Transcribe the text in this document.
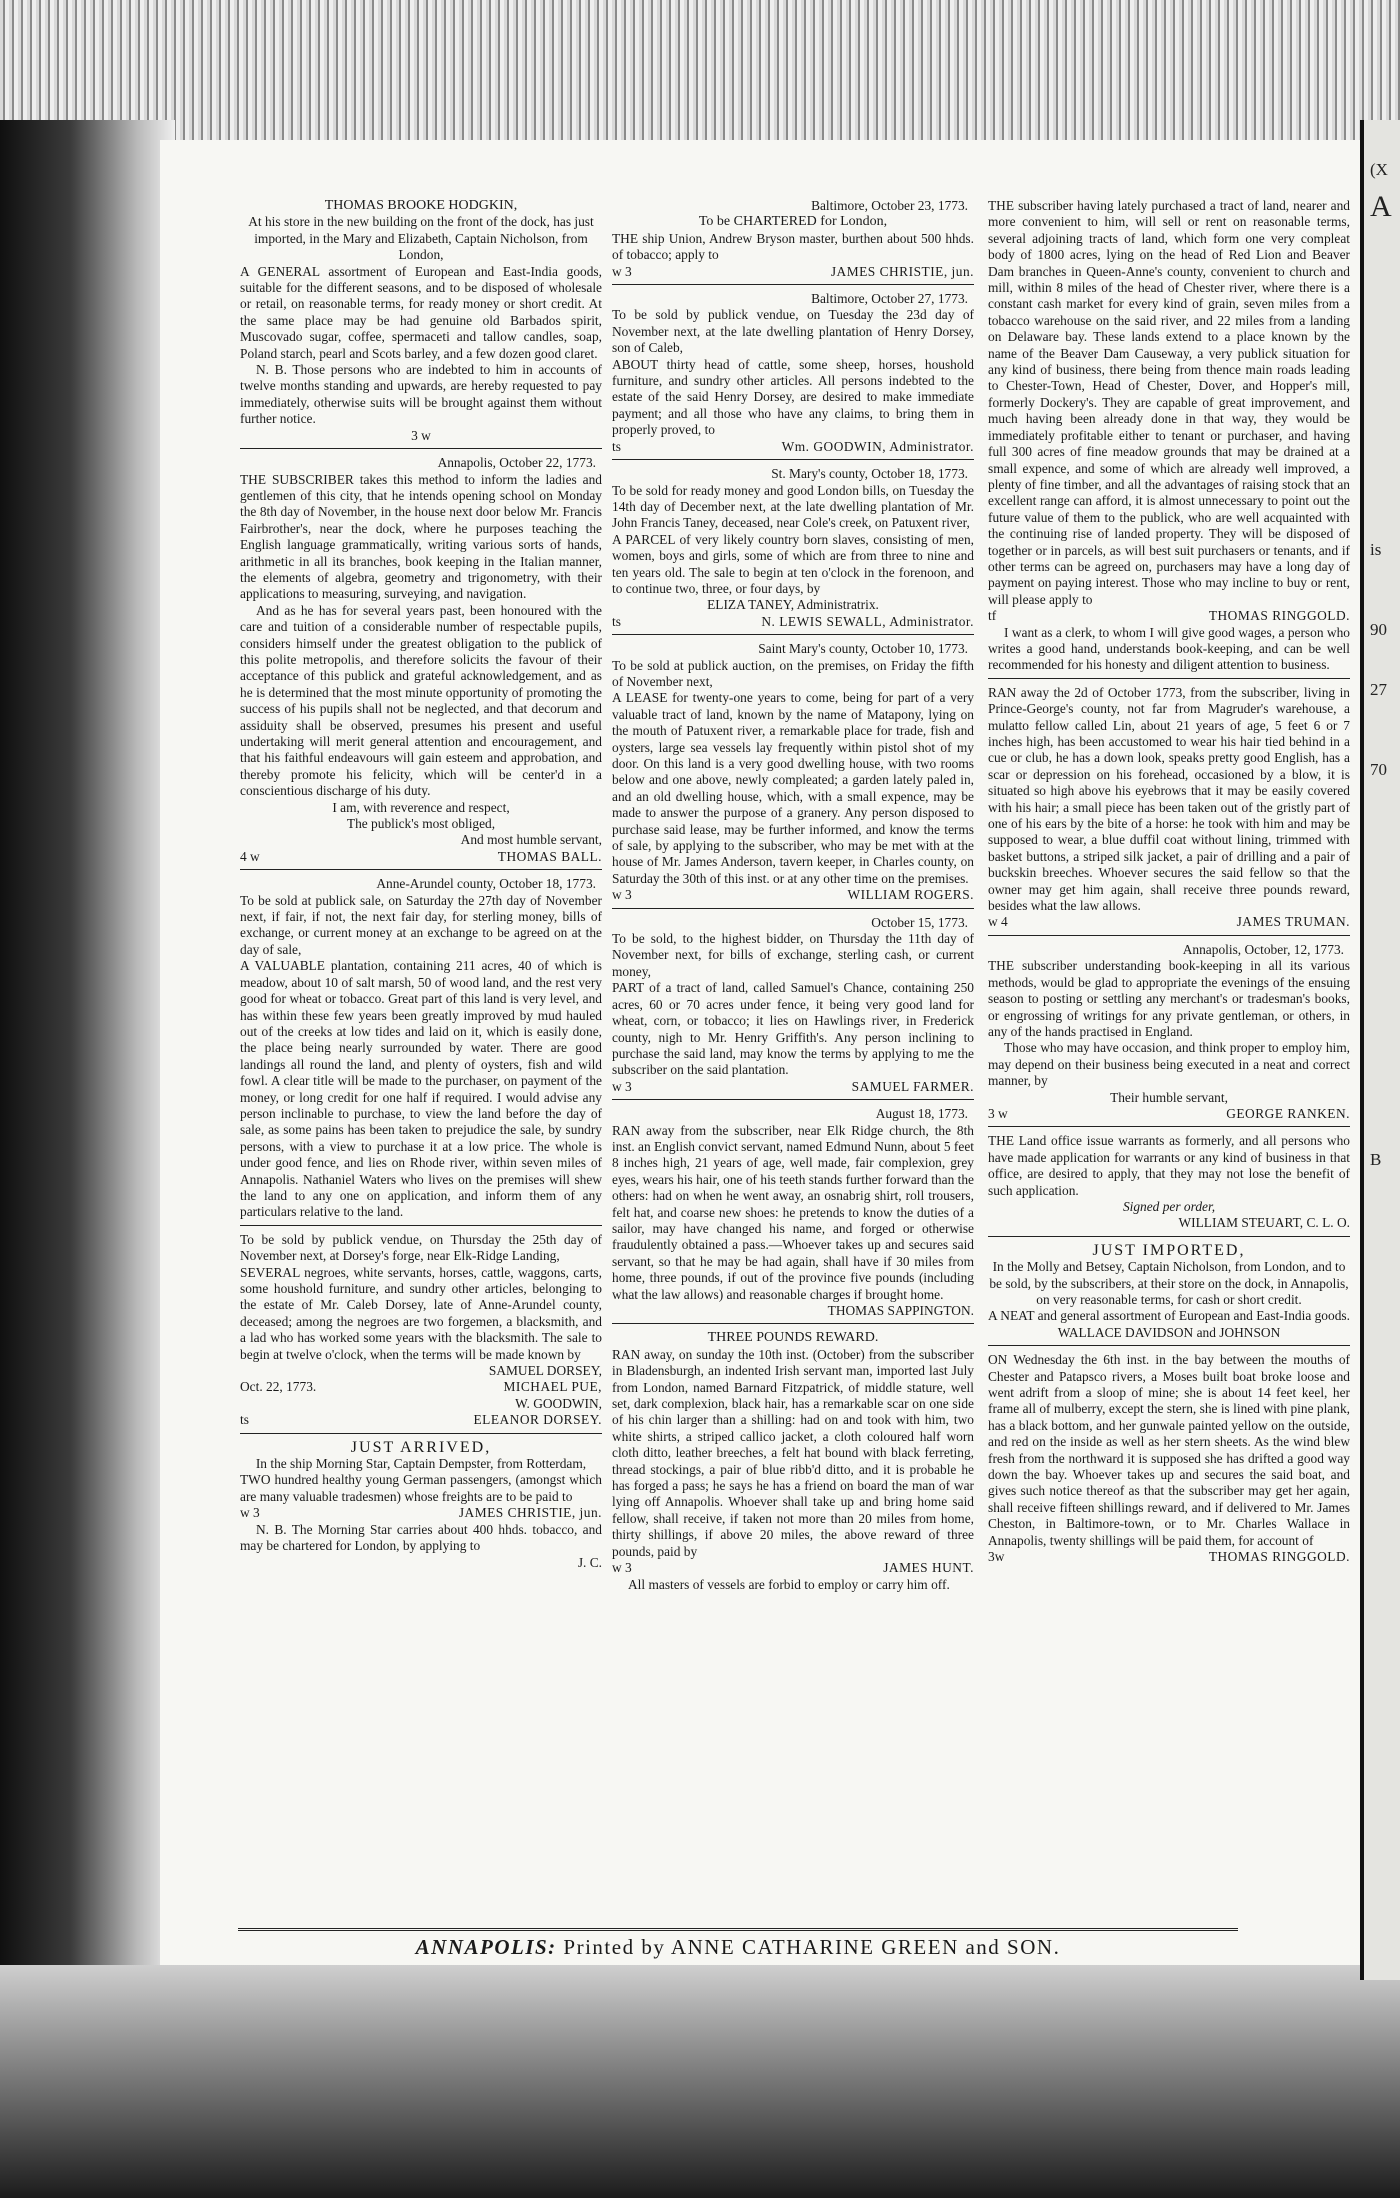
(X
A
is
90
27
70
B

THOMAS BROOKE HODGKIN,

At his store in the new building on the front of the dock, has just imported, in the Mary and Elizabeth, Captain Nicholson, from London,

A GENERAL assortment of European and East-India goods, suitable for the different seasons, and to be disposed of wholesale or retail, on reasonable terms, for ready money or short credit. At the same place may be had genuine old Barbados spirit, Muscovado sugar, coffee, spermaceti and tallow candles, soap, Poland starch, pearl and Scots barley, and a few dozen good claret.

N. B. Those persons who are indebted to him in accounts of twelve months standing and upwards, are hereby requested to pay immediately, otherwise suits will be brought against them without further notice.

3 w

Annapolis, October 22, 1773.

THE SUBSCRIBER takes this method to inform the ladies and gentlemen of this city, that he intends opening school on Monday the 8th day of November, in the house next door below Mr. Francis Fairbrother's, near the dock, where he purposes teaching the English language grammatically, writing various sorts of hands, arithmetic in all its branches, book keeping in the Italian manner, the elements of algebra, geometry and trigonometry, with their applications to measuring, surveying, and navigation.

And as he has for several years past, been honoured with the care and tuition of a considerable number of respectable pupils, considers himself under the greatest obligation to the publick of this polite metropolis, and therefore solicits the favour of their acceptance of this publick and grateful acknowledgement, and as he is determined that the most minute opportunity of promoting the success of his pupils shall not be neglected, and that decorum and assiduity shall be observed, presumes his present and useful undertaking will merit general attention and encouragement, and that his faithful endeavours will gain esteem and approbation, and thereby promote his felicity, which will be center'd in a conscientious discharge of his duty.

I am, with reverence and respect,

The publick's most obliged,

And most humble servant,

4 w	THOMAS BALL.

Anne-Arundel county, October 18, 1773.

To be sold at publick sale, on Saturday the 27th day of November next, if fair, if not, the next fair day, for sterling money, bills of exchange, or current money at an exchange to be agreed on at the day of sale,

A VALUABLE plantation, containing 211 acres, 40 of which is meadow, about 10 of salt marsh, 50 of wood land, and the rest very good for wheat or tobacco. Great part of this land is very level, and has within these few years been greatly improved by mud hauled out of the creeks at low tides and laid on it, which is easily done, the place being nearly surrounded by water. There are good landings all round the land, and plenty of oysters, fish and wild fowl. A clear title will be made to the purchaser, on payment of the money, or long credit for one half if required. I would advise any person inclinable to purchase, to view the land before the day of sale, as some pains has been taken to prejudice the sale, by sundry persons, with a view to purchase it at a low price. The whole is under good fence, and lies on Rhode river, within seven miles of Annapolis. Nathaniel Waters who lives on the premises will shew the land to any one on application, and inform them of any particulars relative to the land.

To be sold by publick vendue, on Thursday the 25th day of November next, at Dorsey's forge, near Elk-Ridge Landing,

SEVERAL negroes, white servants, horses, cattle, waggons, carts, some houshold furniture, and sundry other articles, belonging to the estate of Mr. Caleb Dorsey, late of Anne-Arundel county, deceased; among the negroes are two forgemen, a blacksmith, and a lad who has worked some years with the blacksmith. The sale to begin at twelve o'clock, when the terms will be made known by

SAMUEL DORSEY,

Oct. 22, 1773.	MICHAEL PUE,

W. GOODWIN,

ts	ELEANOR DORSEY.

JUST ARRIVED,

In the ship Morning Star, Captain Dempster, from Rotterdam,

TWO hundred healthy young German passengers, (amongst which are many valuable tradesmen) whose freights are to be paid to

w 3	JAMES CHRISTIE, jun.

N. B. The Morning Star carries about 400 hhds. tobacco, and may be chartered for London, by applying to

J. C.

Baltimore, October 23, 1773.

To be CHARTERED for London,

THE ship Union, Andrew Bryson master, burthen about 500 hhds. of tobacco; apply to

w 3	JAMES CHRISTIE, jun.

Baltimore, October 27, 1773.

To be sold by publick vendue, on Tuesday the 23d day of November next, at the late dwelling plantation of Henry Dorsey, son of Caleb,

ABOUT thirty head of cattle, some sheep, horses, houshold furniture, and sundry other articles. All persons indebted to the estate of the said Henry Dorsey, are desired to make immediate payment; and all those who have any claims, to bring them in properly proved, to

ts	Wm. GOODWIN, Administrator.

St. Mary's county, October 18, 1773.

To be sold for ready money and good London bills, on Tuesday the 14th day of December next, at the late dwelling plantation of Mr. John Francis Taney, deceased, near Cole's creek, on Patuxent river,

A PARCEL of very likely country born slaves, consisting of men, women, boys and girls, some of which are from three to nine and ten years old. The sale to begin at ten o'clock in the forenoon, and to continue two, three, or four days, by

ELIZA TANEY, Administratrix.

ts	N. LEWIS SEWALL, Administrator.

Saint Mary's county, October 10, 1773.

To be sold at publick auction, on the premises, on Friday the fifth of November next,

A LEASE for twenty-one years to come, being for part of a very valuable tract of land, known by the name of Matapony, lying on the mouth of Patuxent river, a remarkable place for trade, fish and oysters, large sea vessels lay frequently within pistol shot of my door. On this land is a very good dwelling house, with two rooms below and one above, newly compleated; a garden lately paled in, and an old dwelling house, which, with a small expence, may be made to answer the purpose of a granery. Any person disposed to purchase said lease, may be further informed, and know the terms of sale, by applying to the subscriber, who may be met with at the house of Mr. James Anderson, tavern keeper, in Charles county, on Saturday the 30th of this inst. or at any other time on the premises.

w 3	WILLIAM ROGERS.

October 15, 1773.

To be sold, to the highest bidder, on Thursday the 11th day of November next, for bills of exchange, sterling cash, or current money,

PART of a tract of land, called Samuel's Chance, containing 250 acres, 60 or 70 acres under fence, it being very good land for wheat, corn, or tobacco; it lies on Hawlings river, in Frederick county, nigh to Mr. Henry Griffith's. Any person inclining to purchase the said land, may know the terms by applying to me the subscriber on the said plantation.

w 3	SAMUEL FARMER.

August 18, 1773.

RAN away from the subscriber, near Elk Ridge church, the 8th inst. an English convict servant, named Edmund Nunn, about 5 feet 8 inches high, 21 years of age, well made, fair complexion, grey eyes, wears his hair, one of his teeth stands further forward than the others: had on when he went away, an osnabrig shirt, roll trousers, felt hat, and coarse new shoes: he pretends to know the duties of a sailor, may have changed his name, and forged or otherwise fraudulently obtained a pass.—Whoever takes up and secures said servant, so that he may be had again, shall have if 30 miles from home, three pounds, if out of the province five pounds (including what the law allows) and reasonable charges if brought home.

THOMAS SAPPINGTON.

THREE POUNDS REWARD.

RAN away, on sunday the 10th inst. (October) from the subscriber in Bladensburgh, an indented Irish servant man, imported last July from London, named Barnard Fitzpatrick, of middle stature, well set, dark complexion, black hair, has a remarkable scar on one side of his chin larger than a shilling: had on and took with him, two white shirts, a striped callico jacket, a cloth coloured half worn cloth ditto, leather breeches, a felt hat bound with black ferreting, thread stockings, a pair of blue ribb'd ditto, and it is probable he has forged a pass; he says he has a friend on board the man of war lying off Annapolis. Whoever shall take up and bring home said fellow, shall receive, if taken not more than 20 miles from home, thirty shillings, if above 20 miles, the above reward of three pounds, paid by

w 3	JAMES HUNT.

All masters of vessels are forbid to employ or carry him off.

THE subscriber having lately purchased a tract of land, nearer and more convenient to him, will sell or rent on reasonable terms, several adjoining tracts of land, which form one very compleat body of 1800 acres, lying on the head of Red Lion and Beaver Dam branches in Queen-Anne's county, convenient to church and mill, within 8 miles of the head of Chester river, where there is a constant cash market for every kind of grain, seven miles from a tobacco warehouse on the said river, and 22 miles from a landing on Delaware bay. These lands extend to a place known by the name of the Beaver Dam Causeway, a very publick situation for any kind of business, there being from thence main roads leading to Chester-Town, Head of Chester, Dover, and Hopper's mill, formerly Dockery's. They are capable of great improvement, and much having been already done in that way, they would be immediately profitable either to tenant or purchaser, and having full 300 acres of fine meadow grounds that may be drained at a small expence, and some of which are already well improved, a plenty of fine timber, and all the advantages of raising stock that an excellent range can afford, it is almost unnecessary to point out the future value of them to the publick, who are well acquainted with the continuing rise of landed property. They will be disposed of together or in parcels, as will best suit purchasers or tenants, and if other terms can be agreed on, purchasers may have a long day of payment on paying interest. Those who may incline to buy or rent, will please apply to

tf	THOMAS RINGGOLD.

I want as a clerk, to whom I will give good wages, a person who writes a good hand, understands book-keeping, and can be well recommended for his honesty and diligent attention to business.

RAN away the 2d of October 1773, from the subscriber, living in Prince-George's county, not far from Magruder's warehouse, a mulatto fellow called Lin, about 21 years of age, 5 feet 6 or 7 inches high, has been accustomed to wear his hair tied behind in a cue or club, he has a down look, speaks pretty good English, has a scar or depression on his forehead, occasioned by a blow, it is situated so high above his eyebrows that it may be easily covered with his hair; a small piece has been taken out of the gristly part of one of his ears by the bite of a horse: he took with him and may be supposed to wear, a blue duffil coat without lining, trimmed with basket buttons, a striped silk jacket, a pair of drilling and a pair of buckskin breeches. Whoever secures the said fellow so that the owner may get him again, shall receive three pounds reward, besides what the law allows.

w 4	JAMES TRUMAN.

Annapolis, October, 12, 1773.

THE subscriber understanding book-keeping in all its various methods, would be glad to appropriate the evenings of the ensuing season to posting or settling any merchant's or tradesman's books, or engrossing of writings for any private gentleman, or others, in any of the hands practised in England.

Those who may have occasion, and think proper to employ him, may depend on their business being executed in a neat and correct manner, by

Their humble servant,

3 w	GEORGE RANKEN.

THE Land office issue warrants as formerly, and all persons who have made application for warrants or any kind of business in that office, are desired to apply, that they may not lose the benefit of such application.

Signed per order,

WILLIAM STEUART, C. L. O.

JUST IMPORTED,

In the Molly and Betsey, Captain Nicholson, from London, and to be sold, by the subscribers, at their store on the dock, in Annapolis, on very reasonable terms, for cash or short credit.

A NEAT and general assortment of European and East-India goods.

WALLACE DAVIDSON and JOHNSON

ON Wednesday the 6th inst. in the bay between the mouths of Chester and Patapsco rivers, a Moses built boat broke loose and went adrift from a sloop of mine; she is about 14 feet keel, her frame all of mulberry, except the stern, she is lined with pine plank, has a black bottom, and her gunwale painted yellow on the outside, and red on the inside as well as her stern sheets. As the wind blew fresh from the northward it is supposed she has drifted a good way down the bay. Whoever takes up and secures the said boat, and gives such notice thereof as that the subscriber may get her again, shall receive fifteen shillings reward, and if delivered to Mr. James Cheston, in Baltimore-town, or to Mr. Charles Wallace in Annapolis, twenty shillings will be paid them, for account of

3w	THOMAS RINGGOLD.
ANNAPOLIS: Printed by ANNE CATHARINE GREEN and SON.
